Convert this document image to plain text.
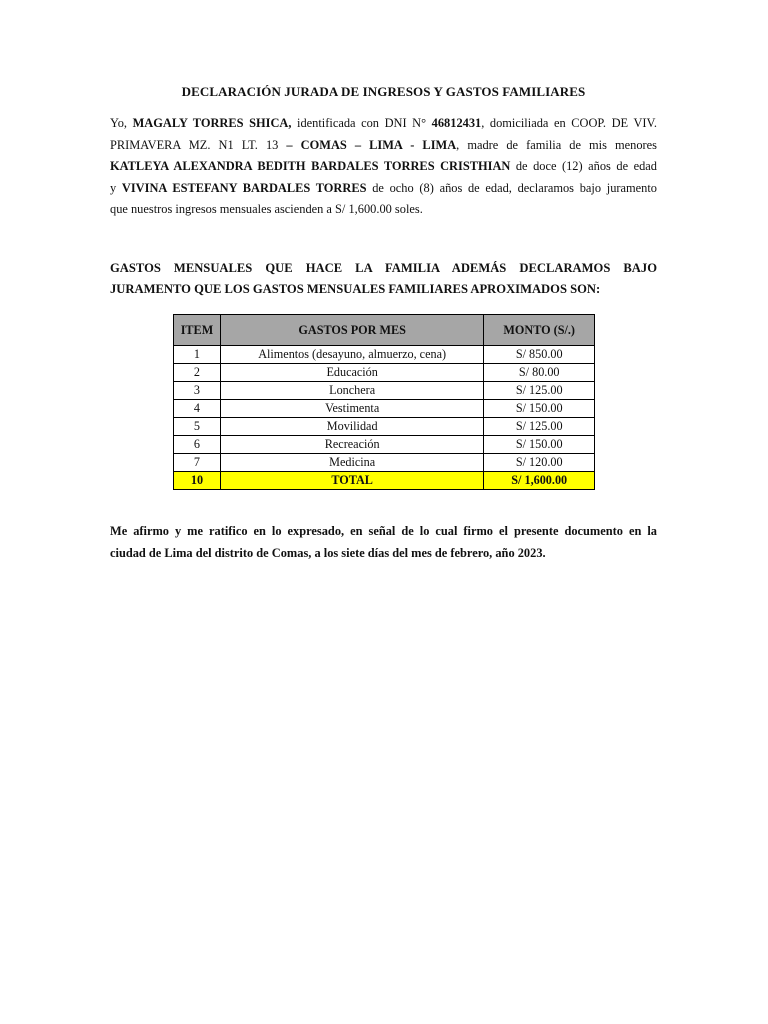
DECLARACIÓN JURADA DE INGRESOS Y GASTOS FAMILIARES

Yo, MAGALY TORRES SHICA, identificada con DNI N° 46812431, domiciliada en COOP. DE VIV.
PRIMAVERA MZ. N1 LT. 13 – COMAS – LIMA - LIMA, madre de familia de mis menores
KATLEYA ALEXANDRA BEDITH BARDALES TORRES CRISTHIAN de doce (12) años de edad
y VIVINA ESTEFANY BARDALES TORRES de ocho (8) años de edad, declaramos bajo juramento
que nuestros ingresos mensuales ascienden a S/ 1,600.00 soles.

GASTOS MENSUALES QUE HACE LA FAMILIA ADEMÁS DECLARAMOS BAJO
JURAMENTO QUE LOS GASTOS MENSUALES FAMILIARES APROXIMADOS SON:

ITEM	GASTOS POR MES	MONTO (S/.)
1	Alimentos (desayuno, almuerzo, cena)	S/ 850.00
2	Educación	S/ 80.00
3	Lonchera	S/ 125.00
4	Vestimenta	S/ 150.00
5	Movilidad	S/ 125.00
6	Recreación	S/ 150.00
7	Medicina	S/ 120.00
10	TOTAL	S/ 1,600.00

Me afirmo y me ratifico en lo expresado, en señal de lo cual firmo el presente documento en la
ciudad de Lima del distrito de Comas, a los siete días del mes de febrero, año 2023.
